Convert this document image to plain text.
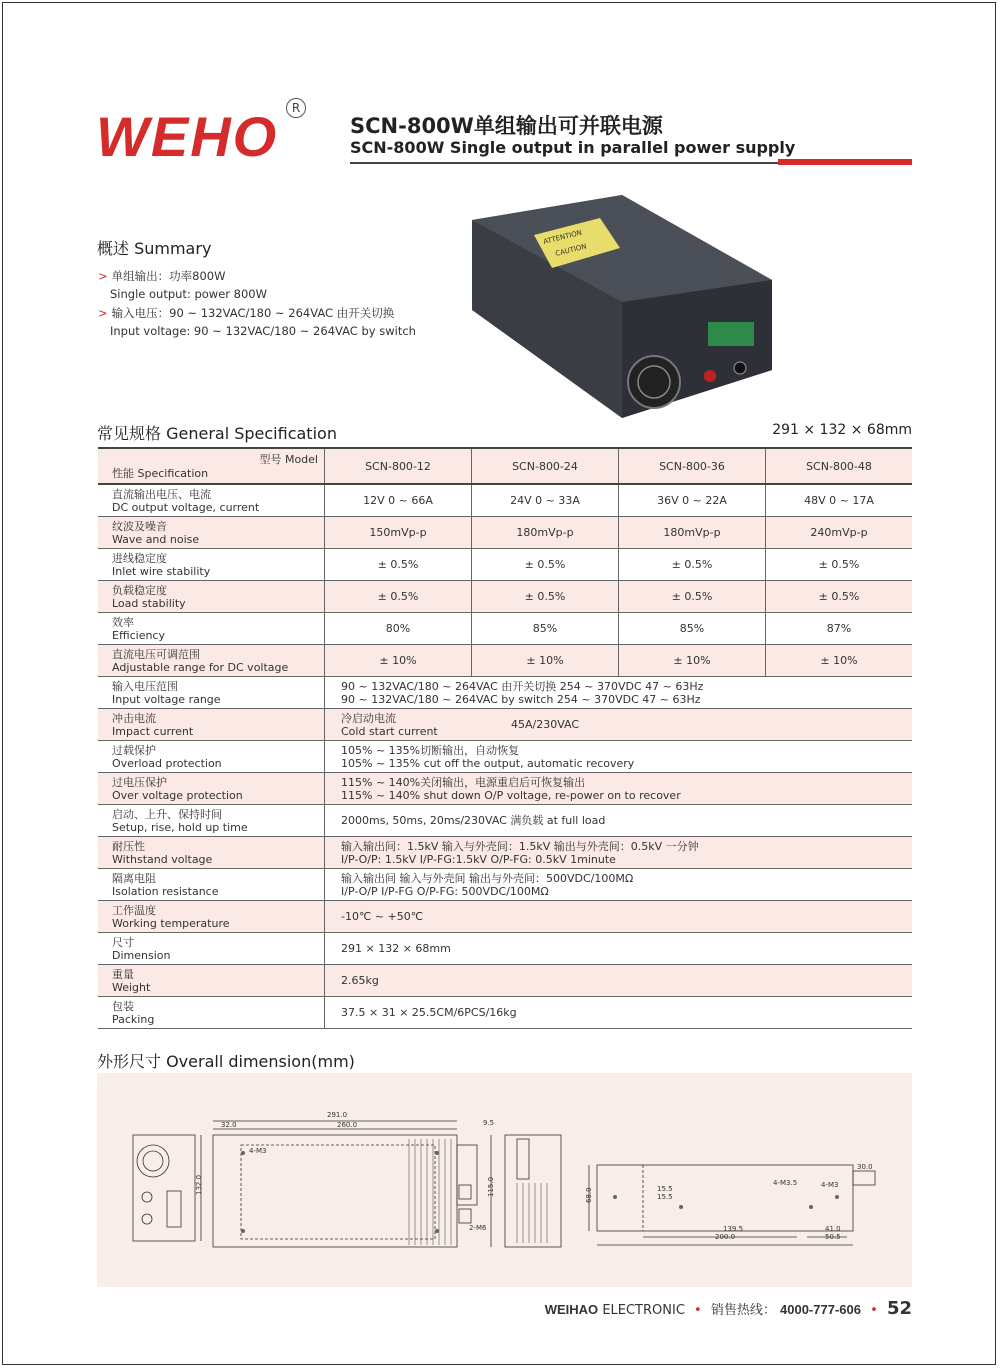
WEHO	R
SCN-800W单组输出可并联电源
SCN-800W Single output in parallel power supply
概述 Summary
> 单组输出：功率800W
Single output: power 800W
> 输入电压：90 ~ 132VAC/180 ~ 264VAC 由开关切换
Input voltage: 90 ~ 132VAC/180 ~ 264VAC by switch
ATTENTION
CAUTION
常见规格 General Specification	291 × 132 × 68mm
型号 Model
性能 Specification	SCN-800-12	SCN-800-24	SCN-800-36	SCN-800-48

直流输出电压、电流
DC output voltage, current	12V 0 ~ 66A	24V 0 ~ 33A	36V 0 ~ 22A	48V 0 ~ 17A

纹波及噪音
Wave and noise	150mVp-p	180mVp-p	180mVp-p	240mVp-p

进线稳定度
Inlet wire stability	± 0.5%	± 0.5%	± 0.5%	± 0.5%

负载稳定度
Load stability	± 0.5%	± 0.5%	± 0.5%	± 0.5%

效率
Efficiency	80%	85%	85%	87%

直流电压可调范围
Adjustable range for DC voltage	± 10%	± 10%	± 10%	± 10%

输入电压范围
Input voltage range	90 ~ 132VAC/180 ~ 264VAC 由开关切换 254 ~ 370VDC 47 ~ 63Hz
90 ~ 132VAC/180 ~ 264VAC by switch 254 ~ 370VDC 47 ~ 63Hz			

冲击电流
Impact current	冷启动电流
Cold start current 45A/230VAC			

过载保护
Overload protection	105% ~ 135%切断输出，自动恢复
105% ~ 135% cut off the output, automatic recovery			

过电压保护
Over voltage protection	115% ~ 140%关闭输出，电源重启后可恢复输出
115% ~ 140% shut down O/P voltage, re-power on to recover			

启动、上升、保持时间
Setup, rise, hold up time	2000ms, 50ms, 20ms/230VAC 满负载 at full load			

耐压性
Withstand voltage	输入输出间：1.5kV 输入与外壳间：1.5kV 输出与外壳间：0.5kV 一分钟
I/P-O/P: 1.5kV I/P-FG:1.5kV O/P-FG: 0.5kV 1minute			

隔离电阻
Isolation resistance	输入输出间 输入与外壳间 输出与外壳间：500VDC/100MΩ
I/P-O/P I/P-FG O/P-FG: 500VDC/100MΩ			

工作温度
Working temperature	-10℃ ~ +50℃			

尺寸
Dimension	291 × 132 × 68mm			

重量
Weight	2.65kg			

包装
Packing	37.5 × 31 × 25.5CM/6PCS/16kg			
外形尺寸 Overall dimension(mm)
291.0
260.0
32.0	9.5
4-M3
132.0	115.0
2-M6
68.0
30.0
4-M3.5	4-M3
15.5
15.5
139.5
200.0
41.0
50.5
WEIHAO ELECTRONIC • 销售热线： 4000-777-606 • 52
